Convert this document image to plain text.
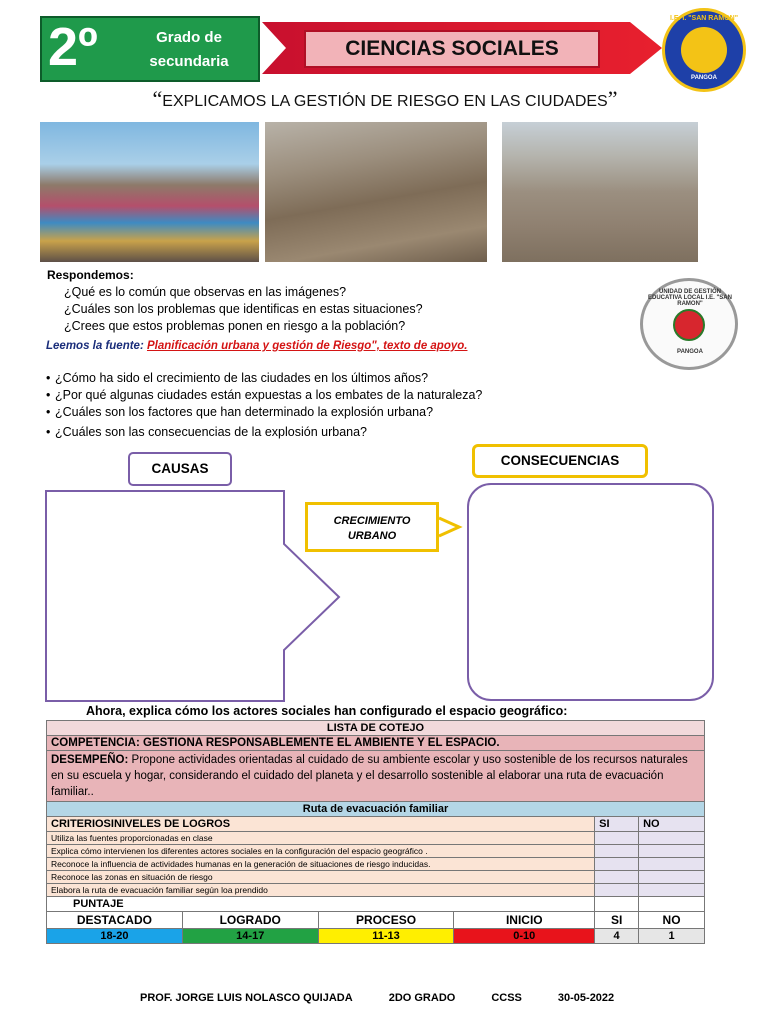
2º	Grado de secundaria
CIENCIAS SOCIALES
I.E. I. "SAN RAMON"
PANGOA
“EXPLICAMOS LA GESTIÓN DE RIESGO EN LAS CIUDADES”
Respondemos:
¿Qué es lo común que observas en las imágenes?
¿Cuáles son los problemas que identificas en estas situaciones?
¿Crees que estos problemas ponen en riesgo a la población?
UNIDAD DE GESTIÓN EDUCATIVA LOCAL I.E. "SAN RAMON"
PANGOA
Leemos la fuente: Planificación urbana y gestión de Riesgo", texto de apoyo.
• ¿Cómo ha sido el crecimiento de las ciudades en los últimos años?
• ¿Por qué algunas ciudades están expuestas a los embates de la naturaleza?
• ¿Cuáles son los factores que han determinado la explosión urbana?
• ¿Cuáles son las consecuencias de la explosión urbana?
CAUSAS
CONSECUENCIAS
CRECIMIENTO URBANO
Ahora, explica cómo los actores sociales han configurado el espacio geográfico:
LISTA DE COTEJO					
COMPETENCIA: GESTIONA RESPONSABLEMENTE EL AMBIENTE Y EL ESPACIO.					
DESEMPEÑO: Propone actividades orientadas al cuidado de su ambiente escolar y uso sostenible de los recursos naturales en su escuela y hogar, considerando el cuidado del planeta y el desarrollo sostenible al elaborar una ruta de evacuación familiar..					
Ruta de evacuación familiar					
CRITERIOSINIVELES DE LOGROS				SI	NO
Utiliza las fuentes proporcionadas en clase					
Explica cómo intervienen los diferentes actores sociales en la configuración del espacio geográfico .					
Reconoce la influencia de actividades humanas en la generación de situaciones de riesgo inducidas.					
Reconoce las zonas en situación de riesgo					
Elabora la ruta de evacuación familiar según loa prendido					
PUNTAJE					
DESTACADO	LOGRADO	PROCESO	INICIO	SI	NO
18-20	14-17	11-13	0-10	4	1
PROF. JORGE LUIS NOLASCO QUIJADA	2DO GRADO	CCSS	30-05-2022
